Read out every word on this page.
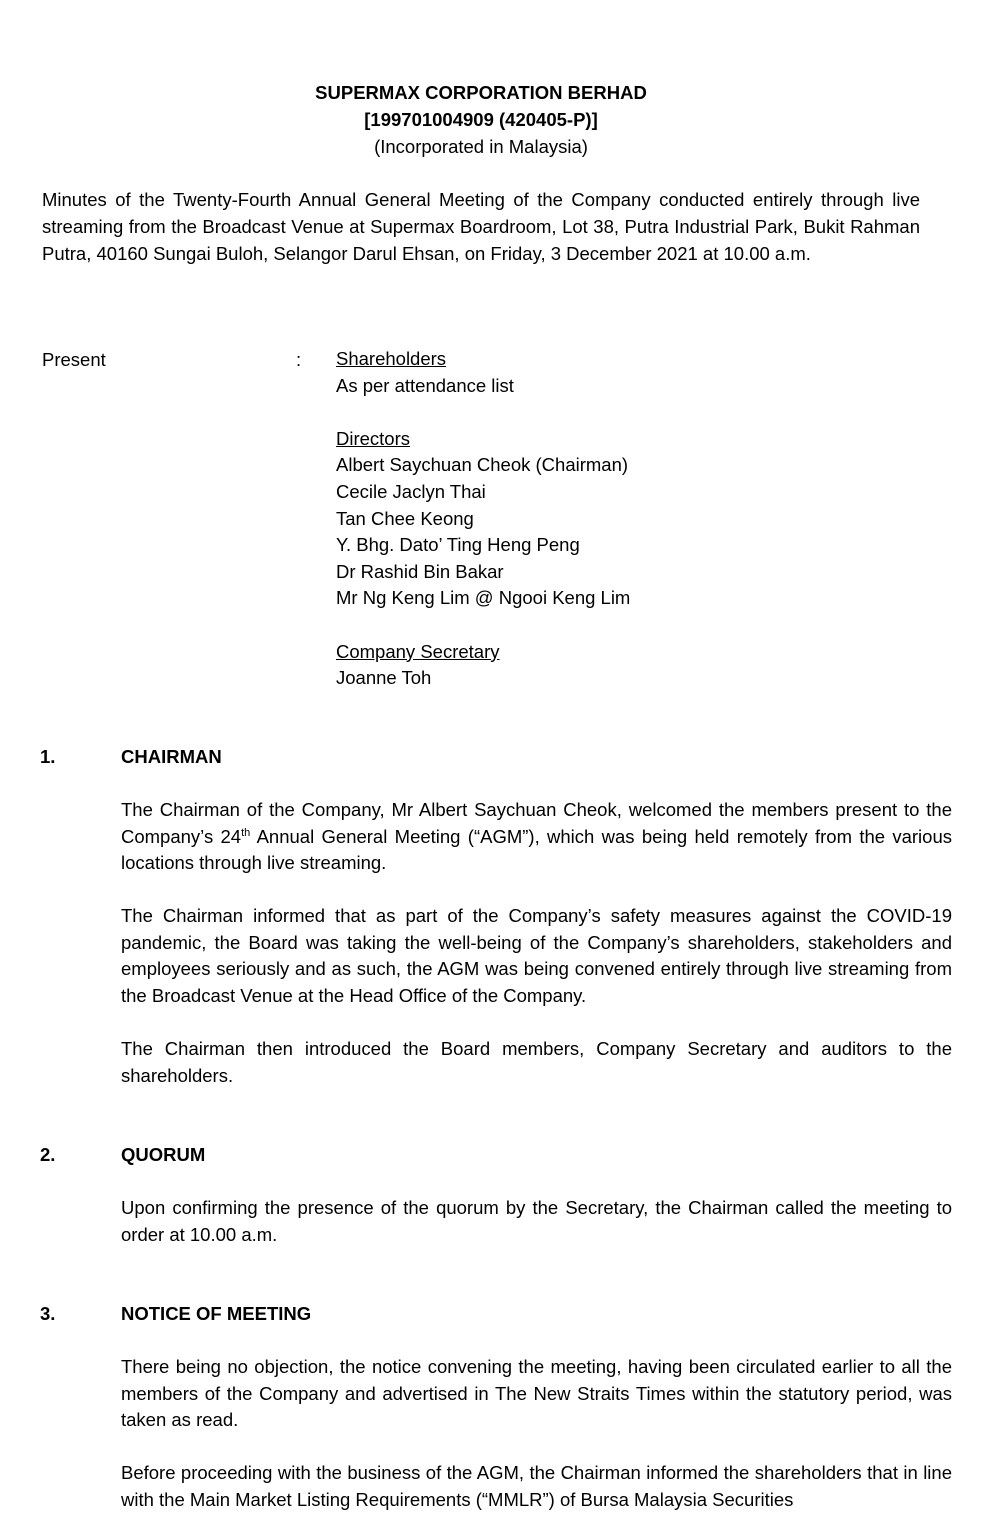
SUPERMAX CORPORATION BERHAD
[199701004909 (420405-P)]
(Incorporated in Malaysia)
Minutes of the Twenty-Fourth Annual General Meeting of the Company conducted entirely through live streaming from the Broadcast Venue at Supermax Boardroom, Lot 38, Putra Industrial Park, Bukit Rahman Putra, 40160 Sungai Buloh, Selangor Darul Ehsan, on Friday, 3 December 2021 at 10.00 a.m.
Present	: Shareholders
As per attendance list
Directors
Albert Saychuan Cheok (Chairman)
Cecile Jaclyn Thai
Tan Chee Keong
Y. Bhg. Dato’ Ting Heng Peng
Dr Rashid Bin Bakar
Mr Ng Keng Lim @ Ngooi Keng Lim
Company Secretary
Joanne Toh
1.	CHAIRMAN
The Chairman of the Company, Mr Albert Saychuan Cheok, welcomed the members present to the Company’s 24th Annual General Meeting (“AGM”), which was being held remotely from the various locations through live streaming.
The Chairman informed that as part of the Company’s safety measures against the COVID-19 pandemic, the Board was taking the well-being of the Company’s shareholders, stakeholders and employees seriously and as such, the AGM was being convened entirely through live streaming from the Broadcast Venue at the Head Office of the Company.
The Chairman then introduced the Board members, Company Secretary and auditors to the shareholders.
2.	QUORUM
Upon confirming the presence of the quorum by the Secretary, the Chairman called the meeting to order at 10.00 a.m.
3.	NOTICE OF MEETING
There being no objection, the notice convening the meeting, having been circulated earlier to all the members of the Company and advertised in The New Straits Times within the statutory period, was taken as read.
Before proceeding with the business of the AGM, the Chairman informed the shareholders that in line with the Main Market Listing Requirements (“MMLR”) of Bursa Malaysia Securities
